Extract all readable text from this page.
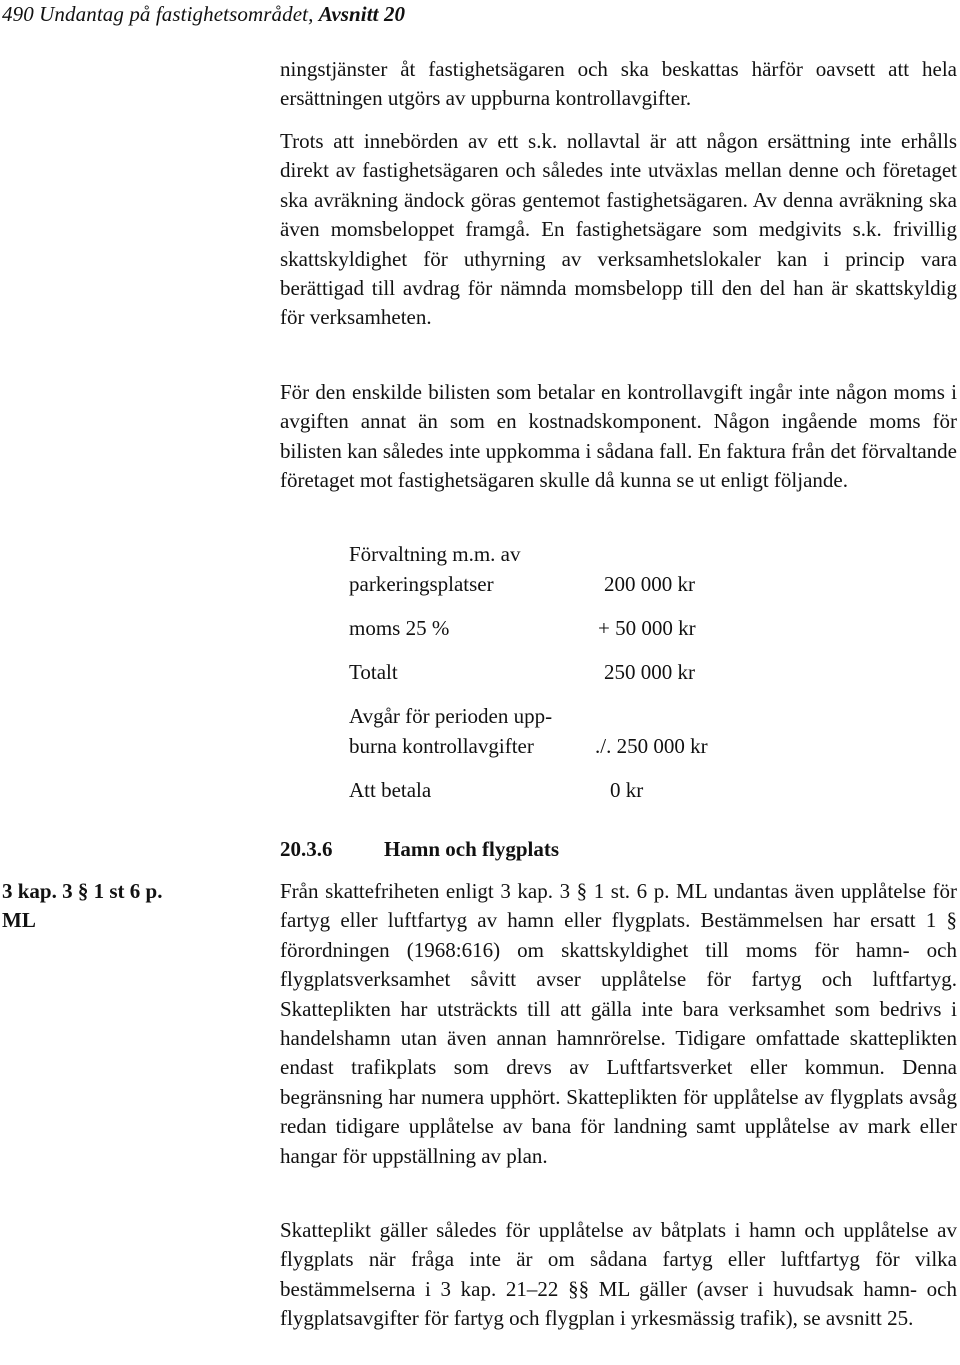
490 Undantag på fastighetsområdet, Avsnitt 20

ningstjänster åt fastighetsägaren och ska beskattas härför oavsett att hela ersättningen utgörs av uppburna kontrollavgifter.

Trots att innebörden av ett s.k. nollavtal är att någon ersättning inte erhålls direkt av fastighetsägaren och således inte utväxlas mellan denne och företaget ska avräkning ändock göras gentemot fastighetsägaren. Av denna avräkning ska även momsbeloppet framgå. En fastighetsägare som medgivits s.k. frivillig skattskyldighet för uthyrning av verksamhetslokaler kan i princip vara berättigad till avdrag för nämnda momsbelopp till den del han är skattskyldig för verksamheten.

För den enskilde bilisten som betalar en kontrollavgift ingår inte någon moms i avgiften annat än som en kostnadskomponent. Någon ingående moms för bilisten kan således inte uppkomma i sådana fall. En faktura från det förvaltande företaget mot fastighetsägaren skulle då kunna se ut enligt följande.

Förvaltning m.m. av
parkeringsplatser	200 000 kr
moms 25 %	+ 50 000 kr
Totalt	250 000 kr
Avgår för perioden upp-
burna kontrollavgifter	./. 250 000 kr
Att betala	0 kr
20.3.6 Hamn och flygplats
3 kap. 3 § 1 st 6 p.
ML

Från skattefriheten enligt 3 kap. 3 § 1 st. 6 p. ML undantas även upplåtelse för fartyg eller luftfartyg av hamn eller flygplats. Bestämmelsen har ersatt 1 § förordningen (1968:616) om skattskyldighet till moms för hamn- och flygplatsverksamhet såvitt avser upplåtelse för fartyg och luftfartyg. Skatteplikten har utsträckts till att gälla inte bara verksamhet som bedrivs i handelshamn utan även annan hamnrörelse. Tidigare omfattade skatteplikten endast trafikplats som drevs av Luftfartsverket eller kommun. Denna begränsning har numera upphört. Skatteplikten för upplåtelse av flygplats avsåg redan tidigare upplåtelse av bana för landning samt upplåtelse av mark eller hangar för uppställning av plan.

Skatteplikt gäller således för upplåtelse av båtplats i hamn och upplåtelse av flygplats när fråga inte är om sådana fartyg eller luftfartyg för vilka bestämmelserna i 3 kap. 21–22 §§ ML gäller (avser i huvudsak hamn- och flygplatsavgifter för fartyg och flygplan i yrkesmässig trafik), se avsnitt 25.
